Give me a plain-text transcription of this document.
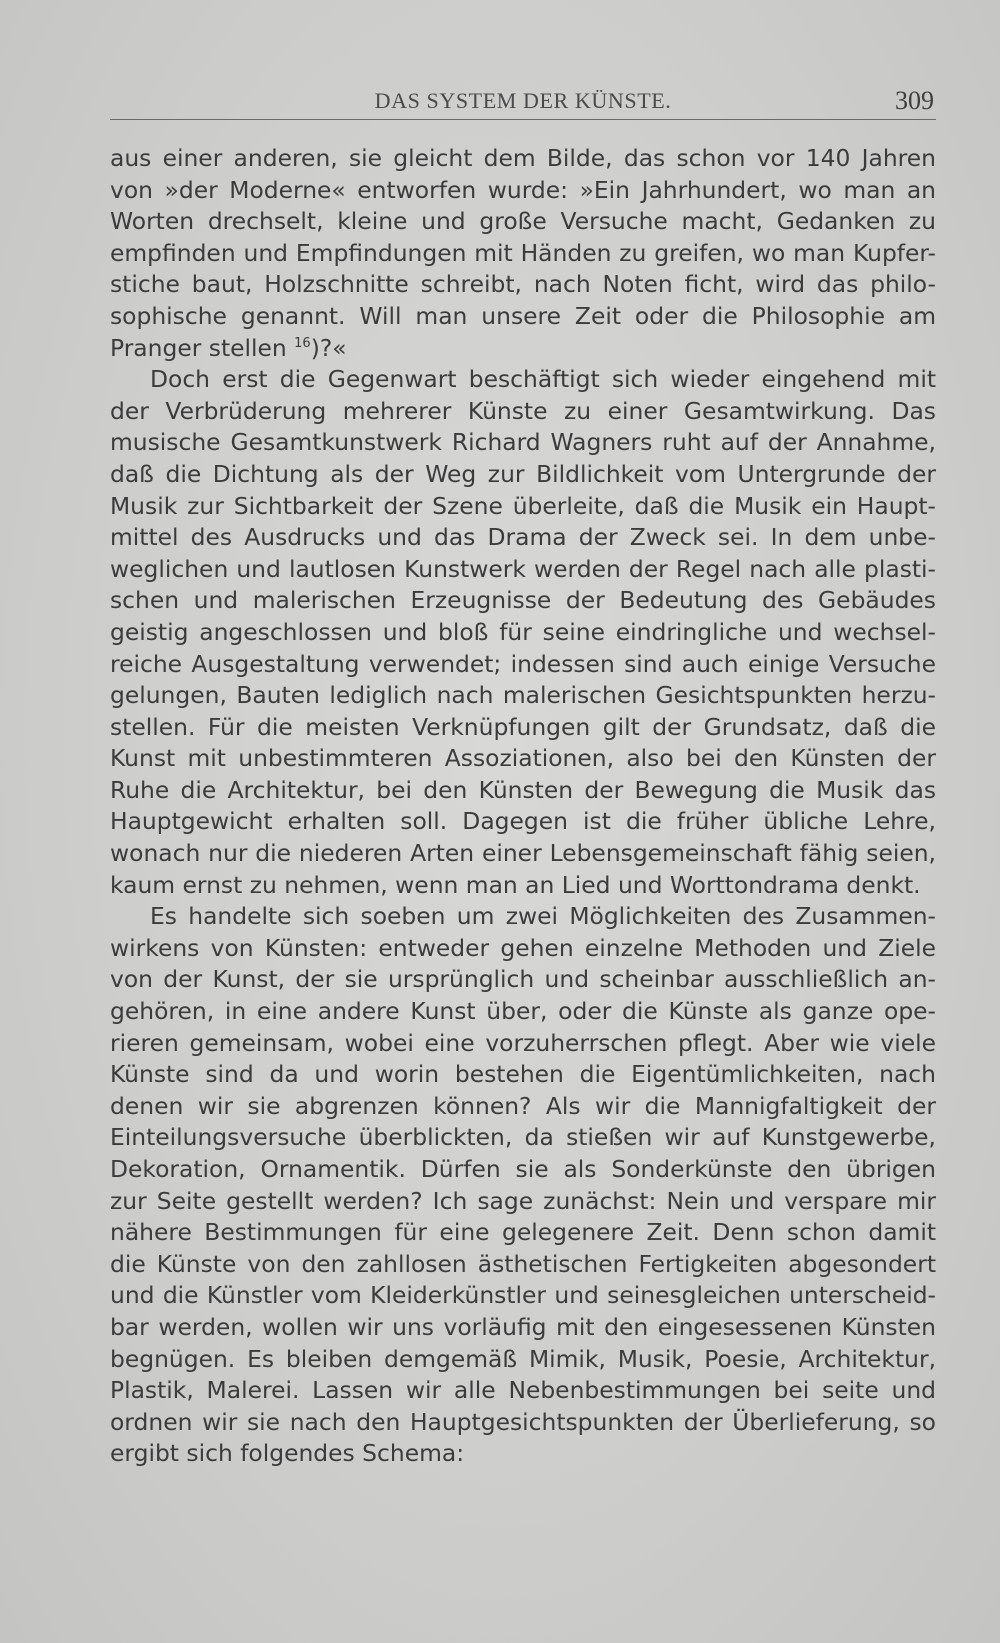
DAS SYSTEM DER KÜNSTE.	309
aus einer anderen, sie gleicht dem Bilde, das schon vor 140 Jahren
von »der Moderne« entworfen wurde: »Ein Jahrhundert, wo man an
Worten drechselt, kleine und große Versuche macht, Gedanken zu
empfinden und Empfindungen mit Händen zu greifen, wo man Kupfer-
stiche baut, Holzschnitte schreibt, nach Noten ficht, wird das philo-
sophische genannt. Will man unsere Zeit oder die Philosophie am
Pranger stellen $^{16}$)?«
Doch erst die Gegenwart beschäftigt sich wieder eingehend mit
der Verbrüderung mehrerer Künste zu einer Gesamtwirkung. Das
musische Gesamtkunstwerk Richard Wagners ruht auf der Annahme,
daß die Dichtung als der Weg zur Bildlichkeit vom Untergrunde der
Musik zur Sichtbarkeit der Szene überleite, daß die Musik ein Haupt-
mittel des Ausdrucks und das Drama der Zweck sei. In dem unbe-
weglichen und lautlosen Kunstwerk werden der Regel nach alle plasti-
schen und malerischen Erzeugnisse der Bedeutung des Gebäudes
geistig angeschlossen und bloß für seine eindringliche und wechsel-
reiche Ausgestaltung verwendet; indessen sind auch einige Versuche
gelungen, Bauten lediglich nach malerischen Gesichtspunkten herzu-
stellen. Für die meisten Verknüpfungen gilt der Grundsatz, daß die
Kunst mit unbestimmteren Assoziationen, also bei den Künsten der
Ruhe die Architektur, bei den Künsten der Bewegung die Musik das
Hauptgewicht erhalten soll. Dagegen ist die früher übliche Lehre,
wonach nur die niederen Arten einer Lebensgemeinschaft fähig seien,
kaum ernst zu nehmen, wenn man an Lied und Worttondrama denkt.
Es handelte sich soeben um zwei Möglichkeiten des Zusammen-
wirkens von Künsten: entweder gehen einzelne Methoden und Ziele
von der Kunst, der sie ursprünglich und scheinbar ausschließlich an-
gehören, in eine andere Kunst über, oder die Künste als ganze ope-
rieren gemeinsam, wobei eine vorzuherrschen pflegt. Aber wie viele
Künste sind da und worin bestehen die Eigentümlichkeiten, nach
denen wir sie abgrenzen können? Als wir die Mannigfaltigkeit der
Einteilungsversuche überblickten, da stießen wir auf Kunstgewerbe,
Dekoration, Ornamentik. Dürfen sie als Sonderkünste den übrigen
zur Seite gestellt werden? Ich sage zunächst: Nein und verspare mir
nähere Bestimmungen für eine gelegenere Zeit. Denn schon damit
die Künste von den zahllosen ästhetischen Fertigkeiten abgesondert
und die Künstler vom Kleiderkünstler und seinesgleichen unterscheid-
bar werden, wollen wir uns vorläufig mit den eingesessenen Künsten
begnügen. Es bleiben demgemäß Mimik, Musik, Poesie, Architektur,
Plastik, Malerei. Lassen wir alle Nebenbestimmungen bei seite und
ordnen wir sie nach den Hauptgesichtspunkten der Überlieferung, so
ergibt sich folgendes Schema:
